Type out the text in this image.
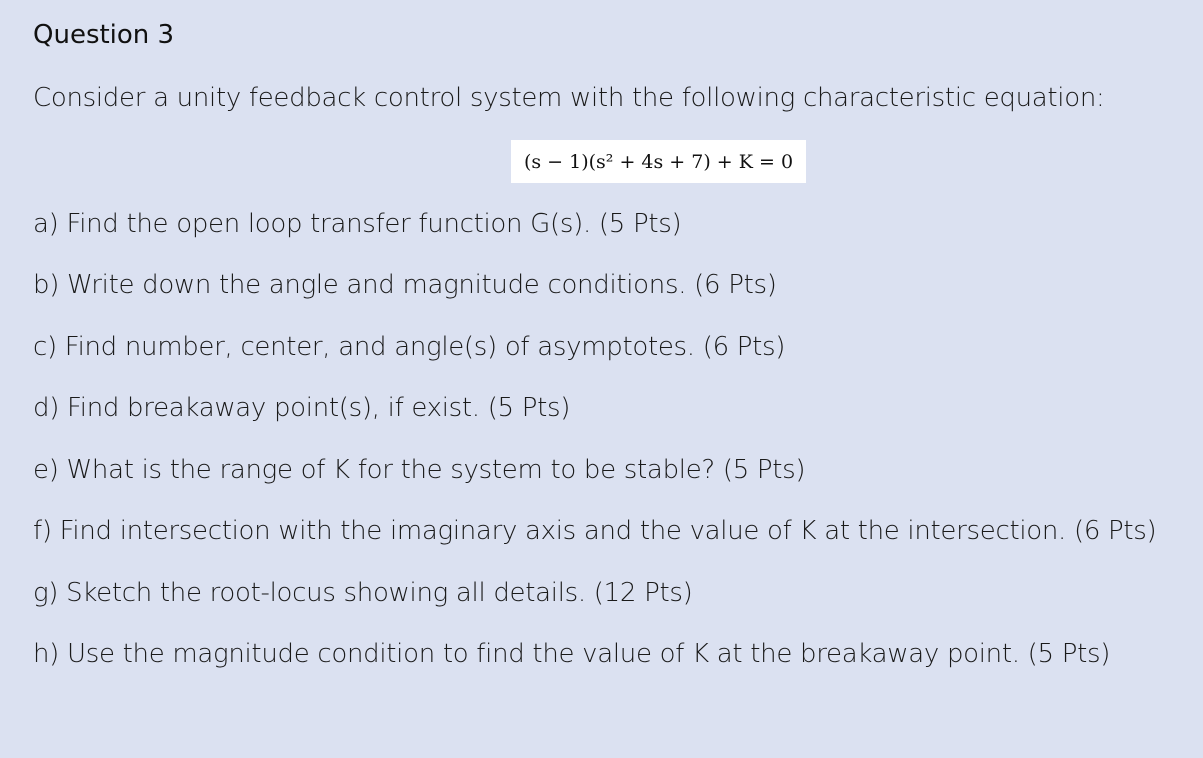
Question 3

Consider a unity feedback control system with the following characteristic equation:

(s − 1)(s² + 4s + 7) + K = 0
a) Find the open loop transfer function G(s). (5 Pts)
b) Write down the angle and magnitude conditions. (6 Pts)
c) Find number, center, and angle(s) of asymptotes. (6 Pts)
d) Find breakaway point(s), if exist. (5 Pts)
e) What is the range of K for the system to be stable? (5 Pts)
f) Find intersection with the imaginary axis and the value of K at the intersection. (6 Pts)
g) Sketch the root-locus showing all details. (12 Pts)
h) Use the magnitude condition to find the value of K at the breakaway point. (5 Pts)
